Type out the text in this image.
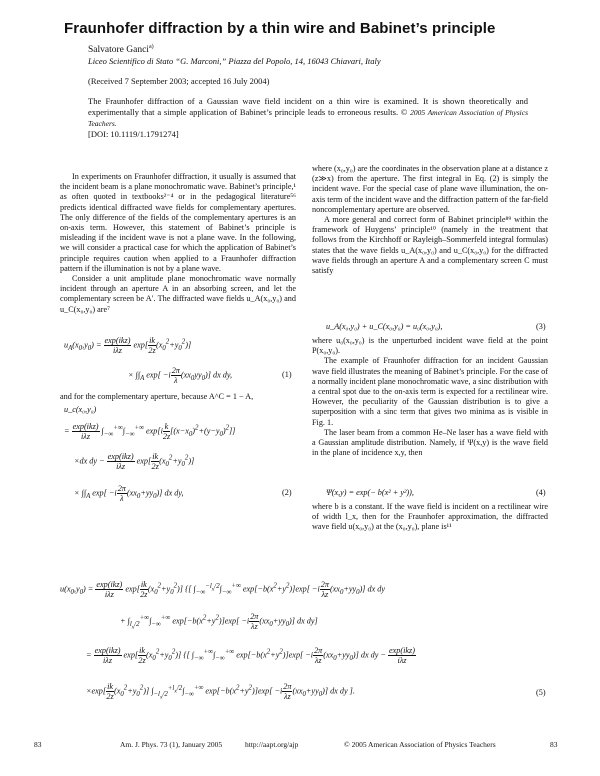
Fraunhofer diffraction by a thin wire and Babinet’s principle
Salvatore Ganci$^{a)}$
Liceo Scientifico di Stato “G. Marconi,” Piazza del Popolo, 14, 16043 Chiavari, Italy
(Received 7 September 2003; accepted 16 July 2004)
The Fraunhofer diffraction of a Gaussian wave field incident on a thin wire is examined. It is shown theoretically and experimentally that a simple application of Babinet’s principle leads to erroneous results. © 2005 American Association of Physics Teachers.
[DOI: 10.1119/1.1791274]

In experiments on Fraunhofer diffraction, it usually is assumed that the incident beam is a plane monochromatic wave. Babinet’s principle,¹ as often quoted in textbooks²⁻⁴ or in the pedagogical literature⁵⁶ predicts identical diffracted wave fields for complementary apertures. The only difference of the fields of the complementary apertures is an on-axis term. However, this statement of Babinet’s principle is misleading if the incident wave is not a plane wave. In the following, we will consider a practical case for which the application of Babinet’s principle requires caution when applied to a Fraunhofer diffraction pattern if the illumination is not by a plane wave.

Consider a unit amplitude plane monochromatic wave normally incident through an aperture A in an absorbing screen, and let the complementary screen be A′. The diffracted wave fields u_A(x₀,y₀) and u_C(x₀,y₀) are⁷

$u_A(x_0,y_0) = \frac{\text{exp(ikz)}}{\text{iλz}} \exp[ \frac{ik}{2z} (x_0^2+y_0^2)]$
× $\int\int_A$ $\exp[ -i \frac{2\pi}{\lambda} (xx_0yy_0)]$ dx dy,	(1)
and for the complementary aperture, because A^C = 1 − A,
u_c(x₀,y₀)
= $\frac{\text{exp(ikz)}}{\text{iλz}} \int_{-\infty}^{+\infty}\int_{-\infty}^{+\infty}$ $\exp[i \frac{k}{2z} [(x-x_0)^2+(y-y_0)^2]]$
×dx dy − $\frac{\text{exp(ikz)}}{\text{iλz}} \exp[ \frac{ik}{2z} (x_0^2+y_0^2)]$
× $\int\int_A$ $\exp[ -i \frac{2\pi}{\lambda} (xx_0+yy_0)]$ dx dy,	(2)

where (x₀,y₀) are the coordinates in the observation plane at a distance z (z≫x) from the aperture. The first integral in Eq. (2) is simply the incident wave. For the special case of plane wave illumination, the on-axis term of the incident wave and the diffraction pattern of the far-field noncomplementary aperture are observed.

A more general and correct form of Babinet principle⁸⁹ within the framework of Huygens’ principle¹⁰ (namely in the treatment that follows from the Kirchhoff or Rayleigh–Sommerfeld integral formulas) states that the wave fields u_A(x₀,y₀) and u_C(x₀,y₀) for the diffracted wave fields through an aperture A and a complementary screen C must satisfy

u_A(x₀,y₀) + u_C(x₀,y₀) = u₀(x₀,y₀),	(3)

where u₀(x₀,y₀) is the unperturbed incident wave field at the point P(x₀,y₀).

The example of Fraunhofer diffraction for an incident Gaussian wave field illustrates the meaning of Babinet’s principle. For the case of a normally incident plane monochromatic wave, a sinc distribution with a central spot due to the on-axis term is expected for a rectilinear wire. However, the peculiarity of the Gaussian distribution is to give a superposition with a sinc term that gives two minima as is visible in Fig. 1.

The laser beam from a common He–Ne laser has a wave field with a Gaussian amplitude distribution. Namely, if Ψ(x,y) is the wave field in the plane of incidence x,y, then

Ψ(x,y) = exp(− b(x² + y²)),	(4)
where b is a constant. If the wave field is incident on a rectilinear wire of width l_x, then for the Fraunhofer approximation, the diffracted wave field u(x₀,y₀) at the (x₀,y₀), plane is¹¹
$u(x_0,y_0) = \frac{\text{exp(ikz)}}{\text{iλz}} \exp[ \frac{ik}{2z} (x_0^2+y_0^2)]$ {[ $\int_{-\infty}^{-l_x/2}\int_{-\infty}^{+\infty}$ $\exp[-b(x^2+y^2)]\exp[ -i \frac{2\pi}{\lambda z} (xx_0+yy_0)]$ dx dy
+ $\int_{l_x/2}^{+\infty}\int_{-\infty}^{+\infty}$ $\exp[-b(x^2+y^2)]\exp[ -i \frac{2\pi}{\lambda z} (xx_0+yy_0)]$ dx dy]
= $\frac{\text{exp(ikz)}}{\text{iλz}} \exp[ \frac{ik}{2z} (x_0^2+y_0^2)]$ {[ $\int_{-\infty}^{+\infty}\int_{-\infty}^{+\infty}$ $\exp[-b(x^2+y^2)]\exp[ -i \frac{2\pi}{\lambda z} (xx_0+yy_0)]$ dx dy − $\frac{\text{exp(ikz)}}{\text{iλz}}$
$\times\exp[ \frac{ik}{2z} (x_0^2+y_0^2)]$ $\int_{-l_x/2}^{+l_x/2}\int_{-\infty}^{+\infty}$ $\exp[-b(x^2+y^2)]\exp[ -i \frac{2\pi}{\lambda z} (xx_0+yy_0)]$ dx dy ].	(5)
83	Am. J. Phys. 73 (1), January 2005	http://aapt.org/ajp	© 2005 American Association of Physics Teachers	83
